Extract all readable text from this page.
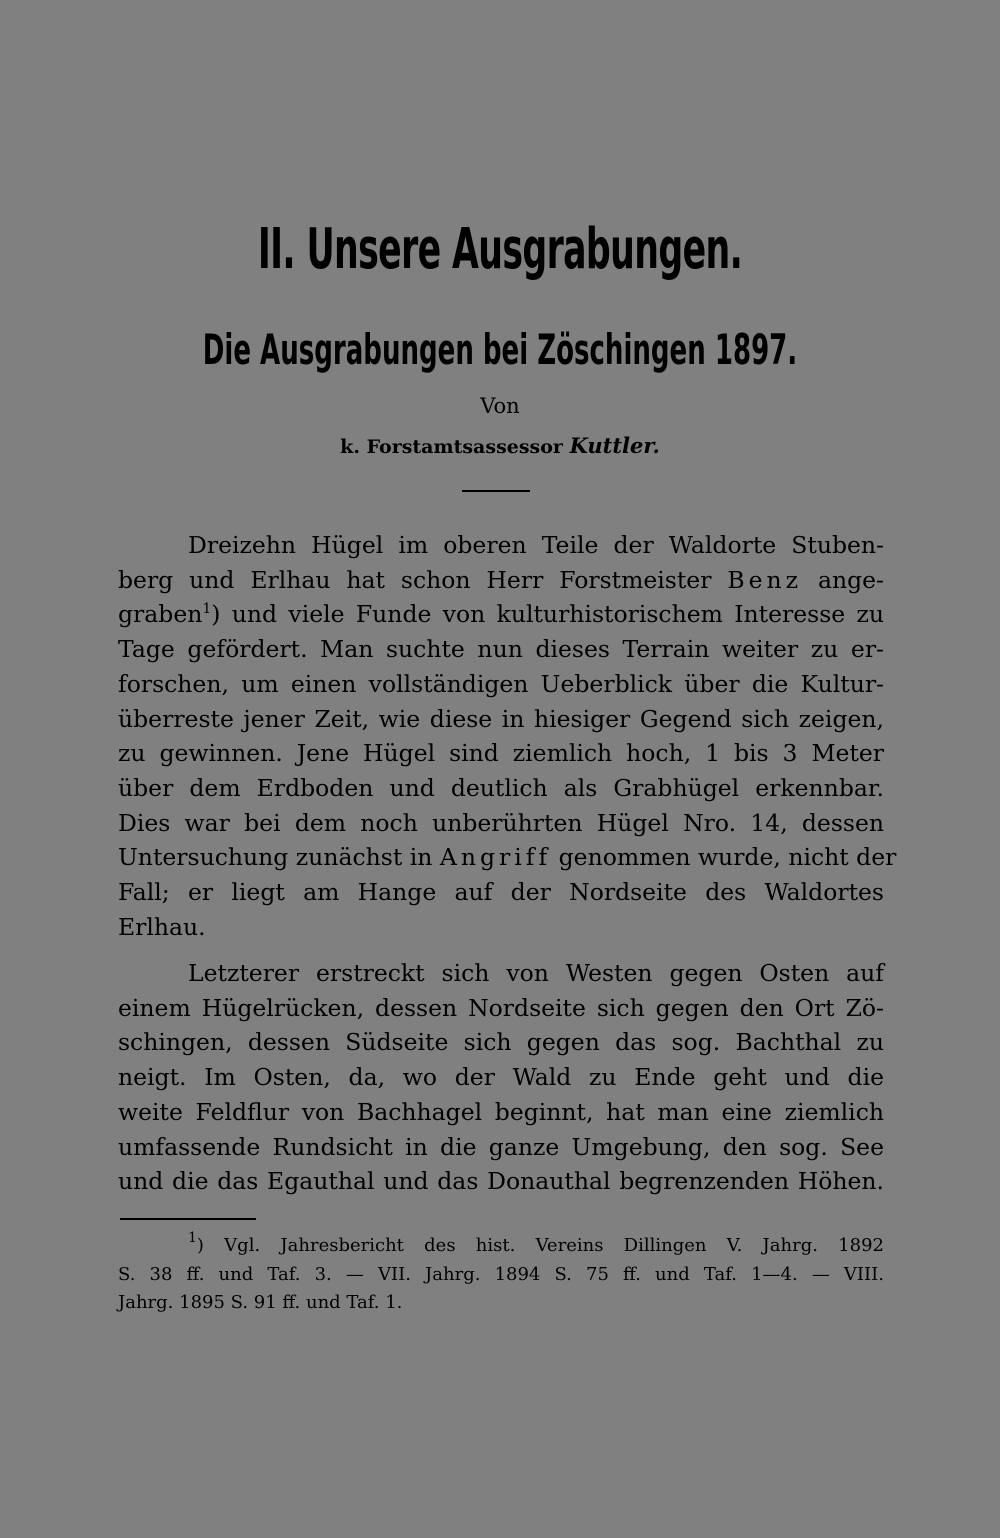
II. Unsere Ausgrabungen.
Die Ausgrabungen bei Zöschingen 1897.
Von
k. Forstamtsassessor Kuttler.
Dreizehn Hügel im oberen Teile der Waldorte Stuben-
berg und Erlhau hat schon Herr Forstmeister Benz ange-
graben$^1$) und viele Funde von kulturhistorischem Interesse zu
Tage gefördert. Man suchte nun dieses Terrain weiter zu er-
forschen, um einen vollständigen Ueberblick über die Kultur-
überreste jener Zeit, wie diese in hiesiger Gegend sich zeigen,
zu gewinnen. Jene Hügel sind ziemlich hoch, 1 bis 3 Meter
über dem Erdboden und deutlich als Grabhügel erkennbar.
Dies war bei dem noch unberührten Hügel Nro. 14, dessen
Untersuchung zunächst in Angriff genommen wurde, nicht der
Fall; er liegt am Hange auf der Nordseite des Waldortes
Erlhau.
Letzterer erstreckt sich von Westen gegen Osten auf
einem Hügelrücken, dessen Nordseite sich gegen den Ort Zö-
schingen, dessen Südseite sich gegen das sog. Bachthal zu
neigt. Im Osten, da, wo der Wald zu Ende geht und die
weite Feldflur von Bachhagel beginnt, hat man eine ziemlich
umfassende Rundsicht in die ganze Umgebung, den sog. See
und die das Egauthal und das Donauthal begrenzenden Höhen.
$^1$) Vgl. Jahresbericht des hist. Vereins Dillingen V. Jahrg. 1892
S. 38 ff. und Taf. 3. — VII. Jahrg. 1894 S. 75 ff. und Taf. 1—4. — VIII.
Jahrg. 1895 S. 91 ff. und Taf. 1.
